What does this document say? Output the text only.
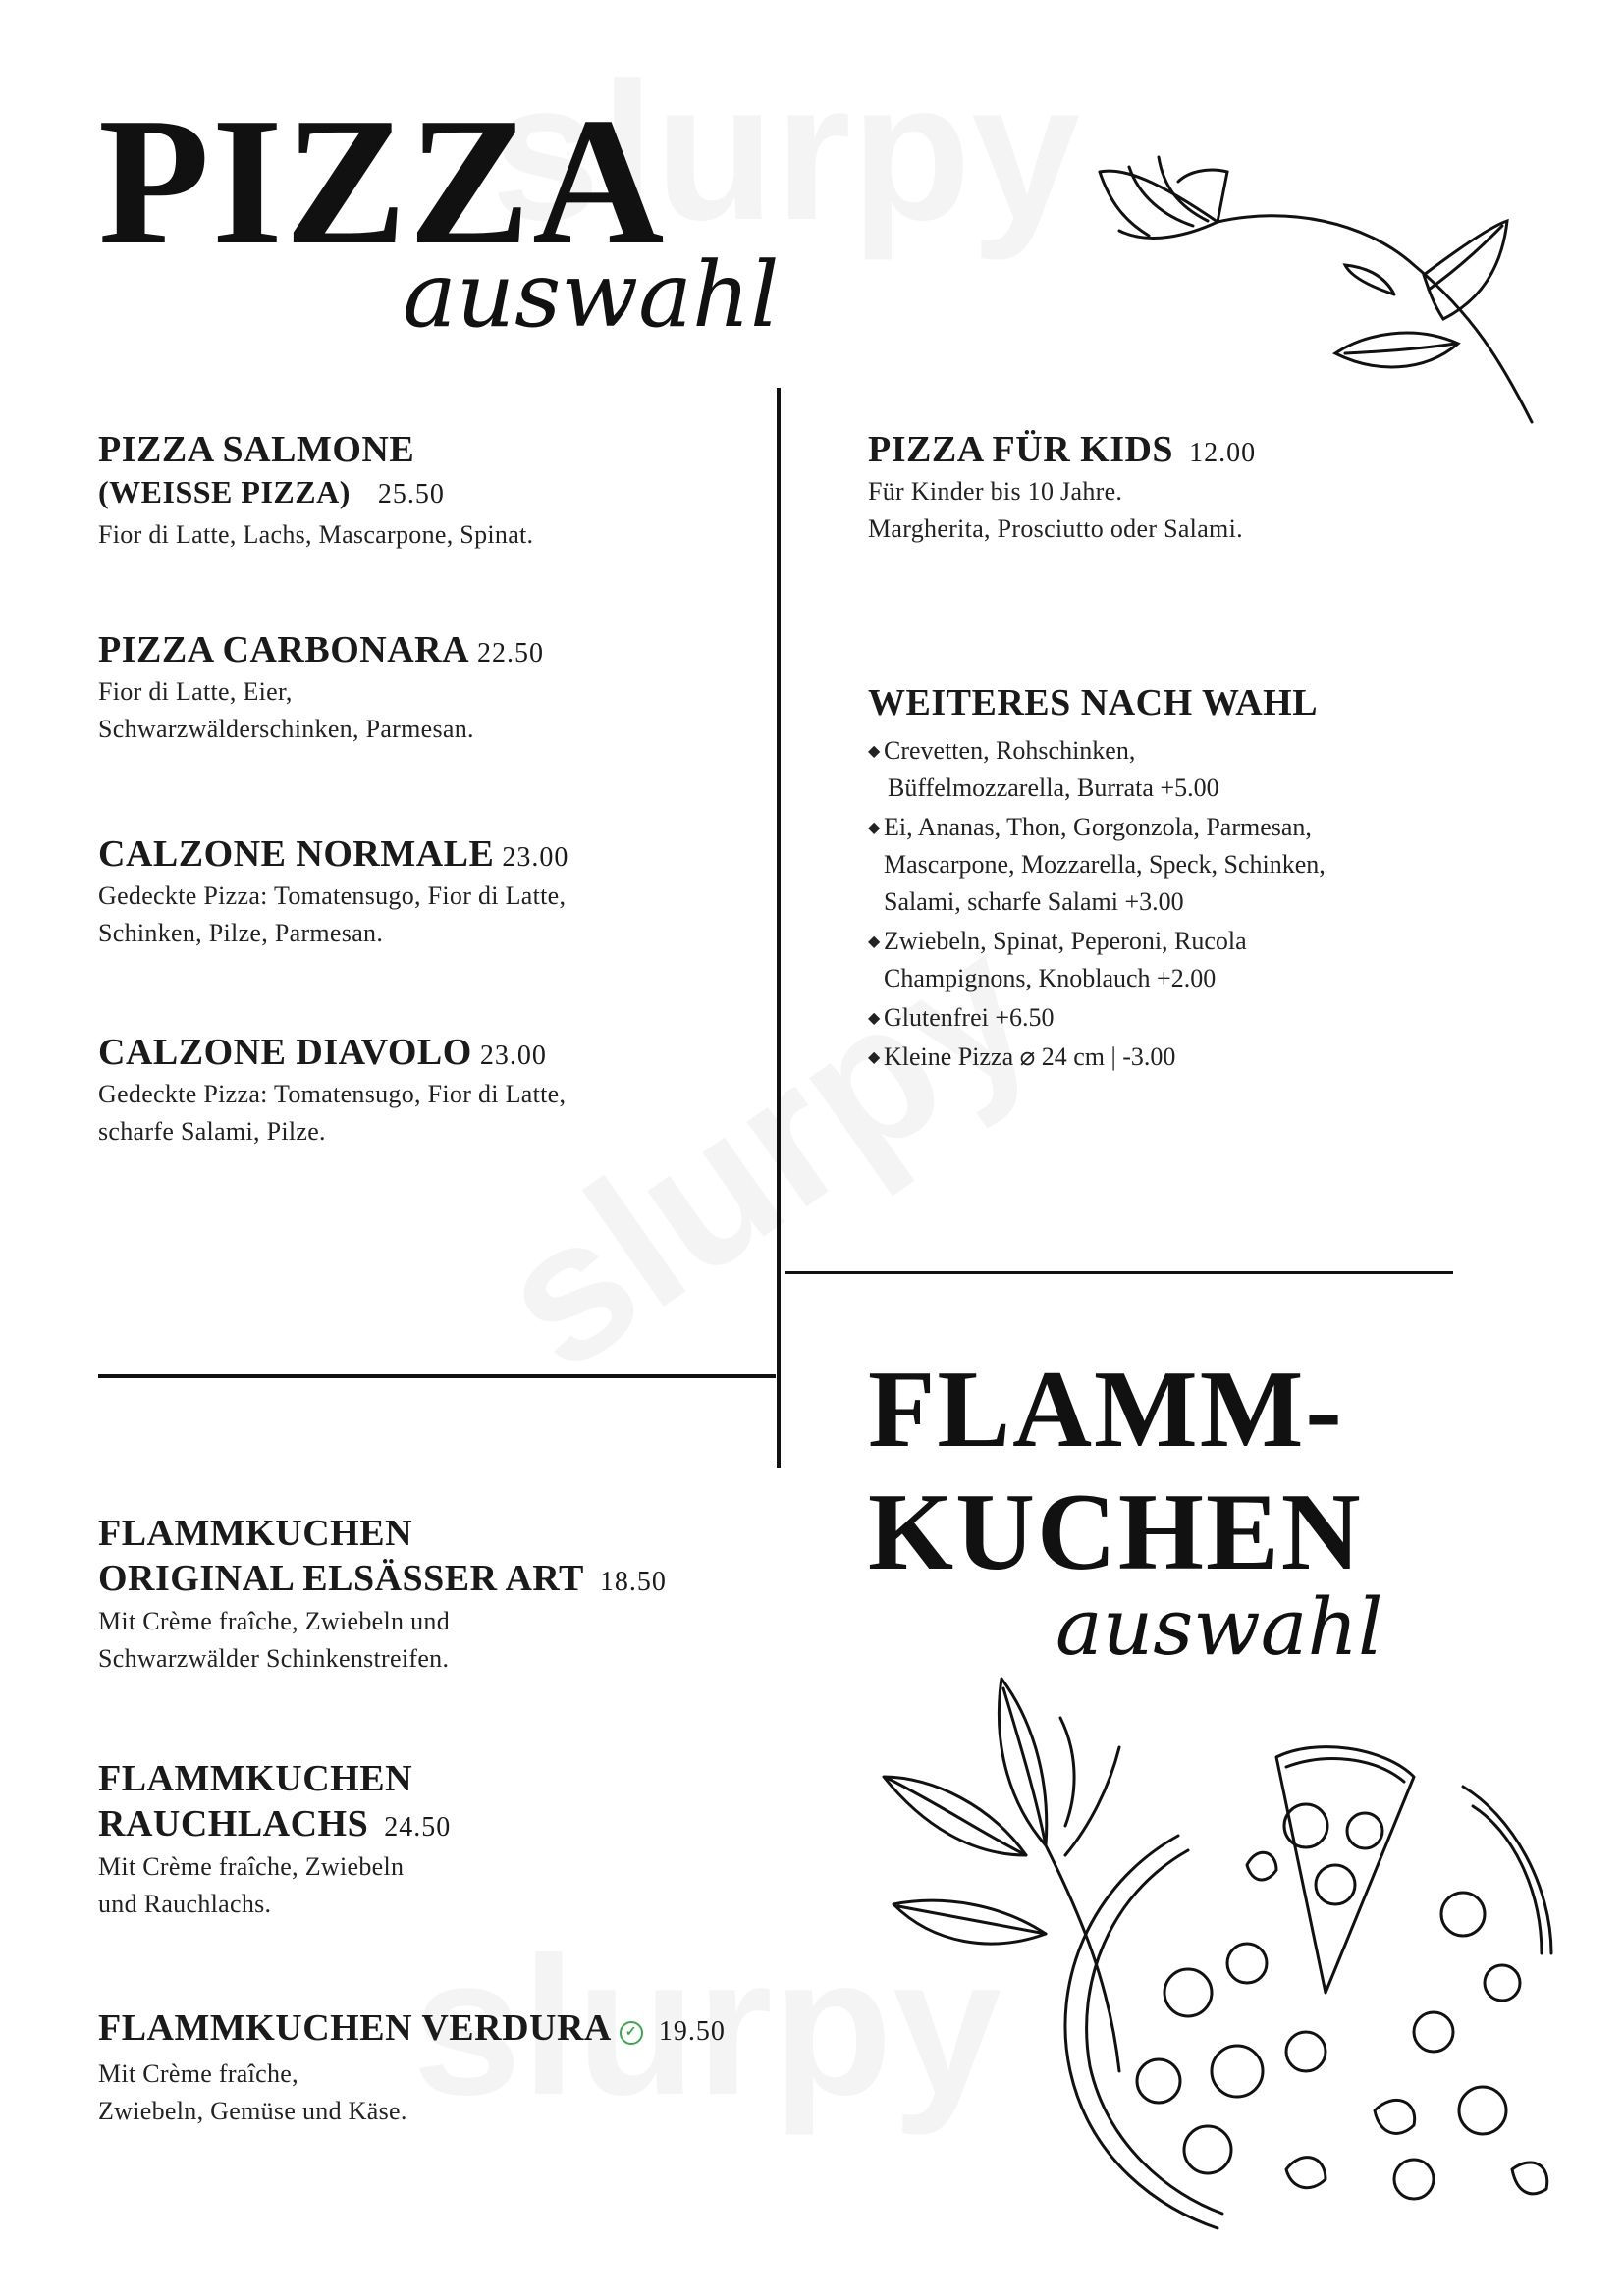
PIZZA
auswahl
PIZZA SALMONE
(WEISSE PIZZA) 25.50
Fior di Latte, Lachs, Mascarpone, Spinat.
PIZZA CARBONARA 22.50
Fior di Latte, Eier,
Schwarzwälderschinken, Parmesan.
CALZONE NORMALE 23.00
Gedeckte Pizza: Tomatensugo, Fior di Latte,
Schinken, Pilze, Parmesan.
CALZONE DIAVOLO 23.00
Gedeckte Pizza: Tomatensugo, Fior di Latte,
scharfe Salami, Pilze.
PIZZA FÜR KIDS 12.00
Für Kinder bis 10 Jahre.
Margherita, Prosciutto oder Salami.
WEITERES NACH WAHL
◆ Crevetten, Rohschinken,
Büffelmozzarella, Burrata +5.00
◆ Ei, Ananas, Thon, Gorgonzola, Parmesan,
Mascarpone, Mozzarella, Speck, Schinken,
Salami, scharfe Salami +3.00
◆ Zwiebeln, Spinat, Peperoni, Rucola
Champignons, Knoblauch +2.00
◆ Glutenfrei +6.50
◆ Kleine Pizza ⌀ 24 cm | -3.00
FLAMM-
KUCHEN
auswahl
FLAMMKUCHEN
ORIGINAL ELSÄSSER ART 18.50
Mit Crème fraîche, Zwiebeln und
Schwarzwälder Schinkenstreifen.
FLAMMKUCHEN
RAUCHLACHS 24.50
Mit Crème fraîche, Zwiebeln
und Rauchlachs.
FLAMMKUCHEN VERDURA ✓ 19.50
Mit Crème fraîche,
Zwiebeln, Gemüse und Käse.
